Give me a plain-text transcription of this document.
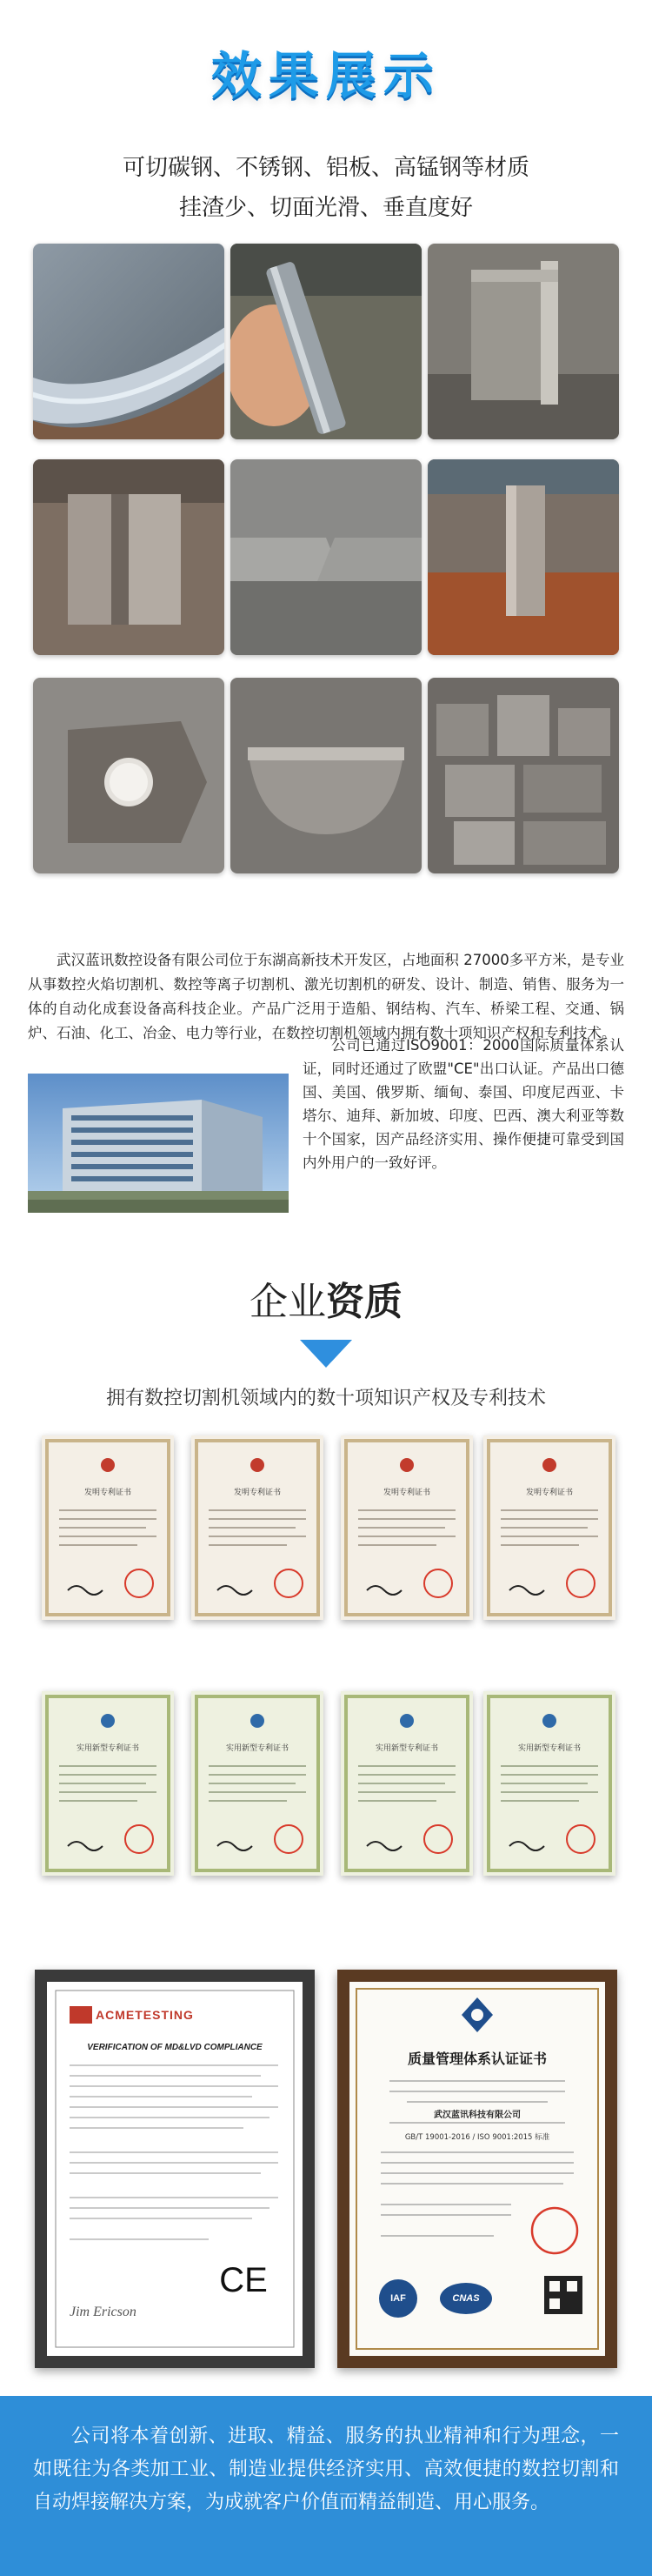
效果展示
可切碳钢、不锈钢、铝板、高锰钢等材质
挂渣少、切面光滑、垂直度好
武汉蓝讯数控设备有限公司位于东湖高新技术开发区，占地面积 27000多平方米，是专业从事数控火焰切割机、数控等离子切割机、激光切割机的研发、设计、制造、销售、服务为一体的自动化成套设备高科技企业。产品广泛用于造船、钢结构、汽车、桥梁工程、交通、锅炉、石油、化工、冶金、电力等行业，在数控切割机领域内拥有数十项知识产权和专利技术。
公司已通过ISO9001：2000国际质量体系认证，同时还通过了欧盟"CE"出口认证。产品出口德国、美国、俄罗斯、缅甸、泰国、印度尼西亚、卡塔尔、迪拜、新加坡、印度、巴西、澳大利亚等数十个国家，因产品经济实用、操作便捷可靠受到国内外用户的一致好评。
企业资质
拥有数控切割机领域内的数十项知识产权及专利技术
发明专利证书	发明专利证书	发明专利证书	发明专利证书
实用新型专利证书	实用新型专利证书	实用新型专利证书	实用新型专利证书
ACMETESTING
VERIFICATION OF MD&LVD COMPLIANCE
CE
Jim Ericson
质量管理体系认证证书
武汉蓝讯科技有限公司
GB/T 19001-2016 / ISO 9001:2015 标准
IAF	CNAS
公司将本着创新、进取、精益、服务的执业精神和行为理念，一如既往为各类加工业、制造业提供经济实用、高效便捷的数控切割和自动焊接解决方案，为成就客户价值而精益制造、用心服务。
